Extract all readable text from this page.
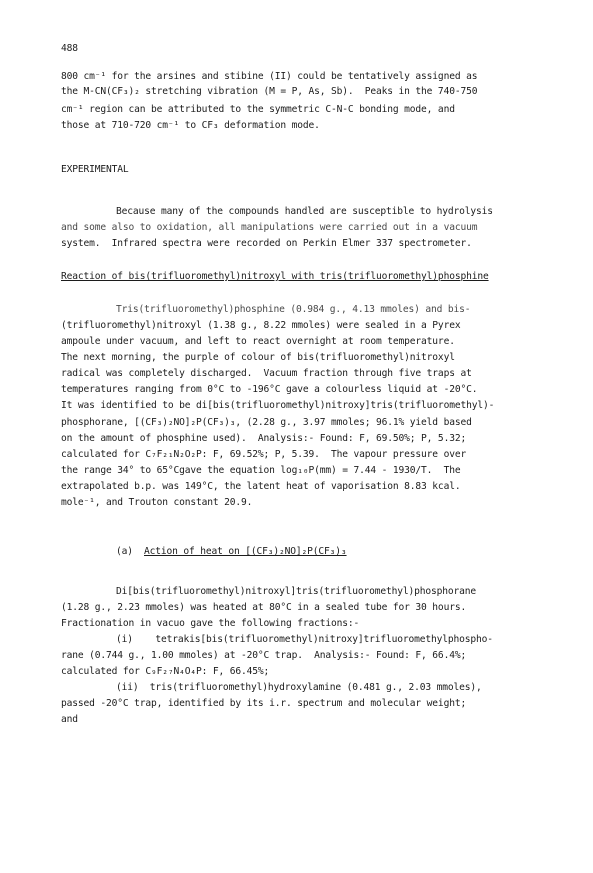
488
800 cm⁻¹ for the arsines and stibine (II) could be tentatively assigned as
the M-CN(CF₃)₂ stretching vibration (M = P, As, Sb).  Peaks in the 740-750
cm⁻¹ region can be attributed to the symmetric C-N-C bonding mode, and
those at 710-720 cm⁻¹ to CF₃ deformation mode.
EXPERIMENTAL
Because many of the compounds handled are susceptible to hydrolysis
and some also to oxidation, all manipulations were carried out in a vacuum
system.  Infrared spectra were recorded on Perkin Elmer 337 spectrometer.
Reaction of bis(trifluoromethyl)nitroxyl with tris(trifluoromethyl)phosphine
Tris(trifluoromethyl)phosphine (0.984 g., 4.13 mmoles) and bis-
(trifluoromethyl)nitroxyl (1.38 g., 8.22 mmoles) were sealed in a Pyrex
ampoule under vacuum, and left to react overnight at room temperature.
The next morning, the purple of colour of bis(trifluoromethyl)nitroxyl
radical was completely discharged.  Vacuum fraction through five traps at
temperatures ranging from 0°C to -196°C gave a colourless liquid at -20°C.
It was identified to be di[bis(trifluoromethyl)nitroxy]tris(trifluoromethyl)-
phosphorane, [(CF₃)₂NO]₂P(CF₃)₃, (2.28 g., 3.97 mmoles; 96.1% yield based
on the amount of phosphine used).  Analysis:- Found: F, 69.50%; P, 5.32;
calculated for C₇F₂₁N₂O₂P: F, 69.52%; P, 5.39.  The vapour pressure over
the range 34° to 65°Cgave the equation log₁₀P(mm) = 7.44 - 1930/T.  The
extrapolated b.p. was 149°C, the latent heat of vaporisation 8.83 kcal.
mole⁻¹, and Trouton constant 20.9.
(a) Action of heat on [(CF₃)₂NO]₂P(CF₃)₃
Di[bis(trifluoromethyl)nitroxyl]tris(trifluoromethyl)phosphorane
(1.28 g., 2.23 mmoles) was heated at 80°C in a sealed tube for 30 hours.
Fractionation in vacuo gave the following fractions:-
(i)    tetrakis[bis(trifluoromethyl)nitroxy]trifluoromethylphospho-
rane (0.744 g., 1.00 mmoles) at -20°C trap.  Analysis:- Found: F, 66.4%;
calculated for C₉F₂₇N₄O₄P: F, 66.45%;
(ii)  tris(trifluoromethyl)hydroxylamine (0.481 g., 2.03 mmoles),
passed -20°C trap, identified by its i.r. spectrum and molecular weight;
and
